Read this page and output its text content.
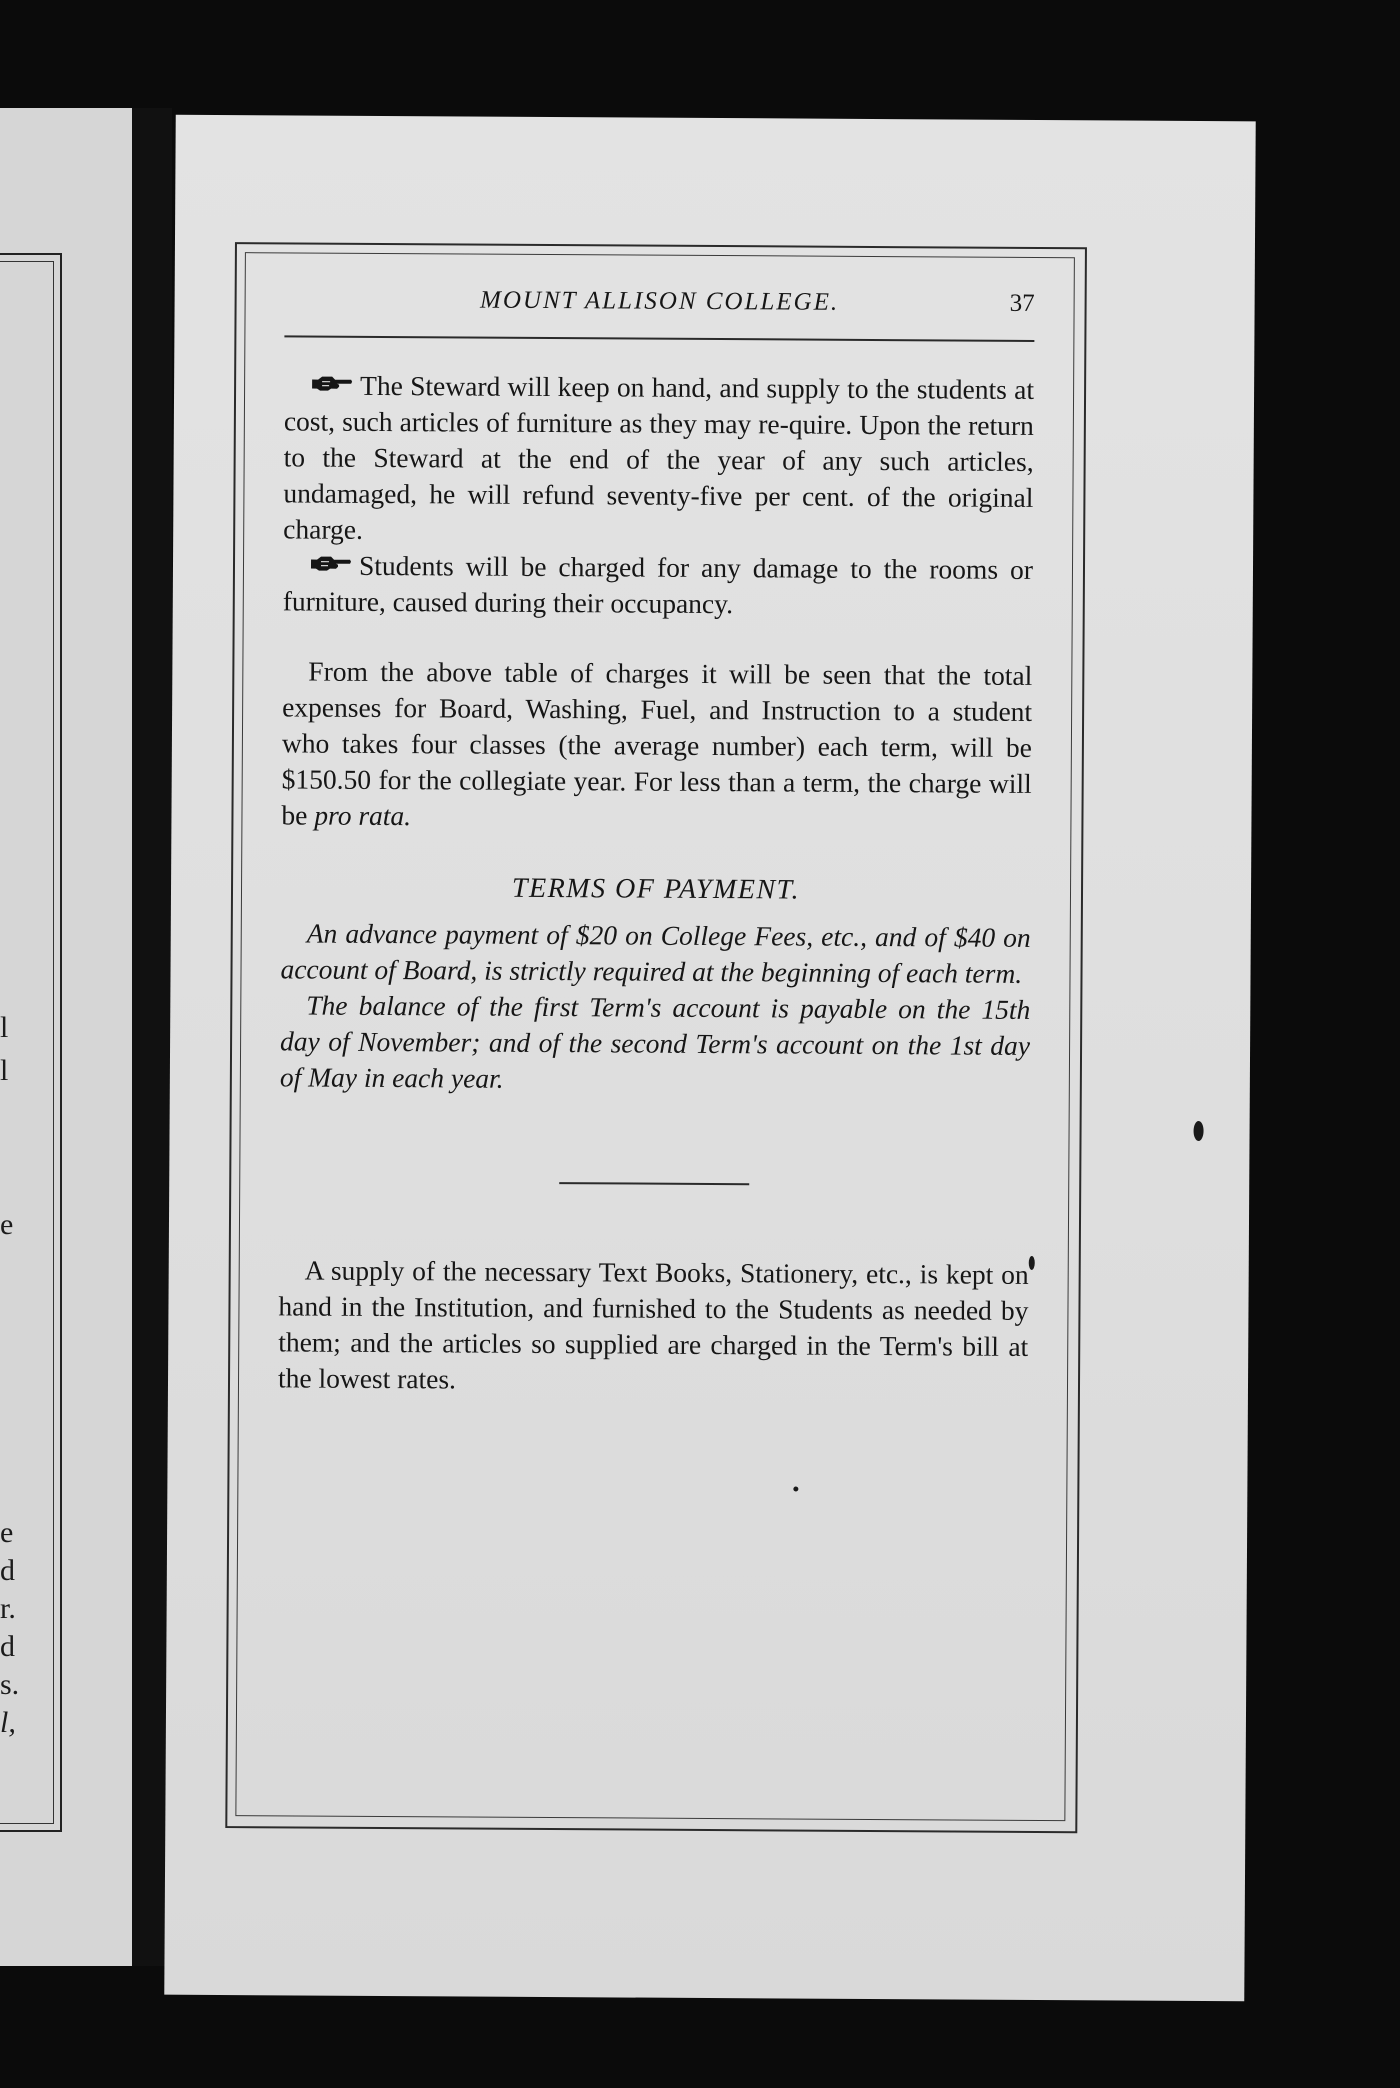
l
l
e
e
d
r.
d
s.
l,
MOUNT ALLISON COLLEGE.	37

The Steward will keep on hand, and supply to the students at cost, such articles of furniture as they may re-quire. Upon the return to the Steward at the end of the year of any such articles, undamaged, he will refund seventy-five per cent. of the original charge.

Students will be charged for any damage to the rooms or furniture, caused during their occupancy.

From the above table of charges it will be seen that the total expenses for Board, Washing, Fuel, and Instruction to a student who takes four classes (the average number) each term, will be $150.50 for the collegiate year. For less than a term, the charge will be pro rata.

TERMS OF PAYMENT.

An advance payment of $20 on College Fees, etc., and of $40 on account of Board, is strictly required at the beginning of each term.

The balance of the first Term's account is payable on the 15th day of November; and of the second Term's account on the 1st day of May in each year.

A supply of the necessary Text Books, Stationery, etc., is kept on hand in the Institution, and furnished to the Students as needed by them; and the articles so supplied are charged in the Term's bill at the lowest rates.
